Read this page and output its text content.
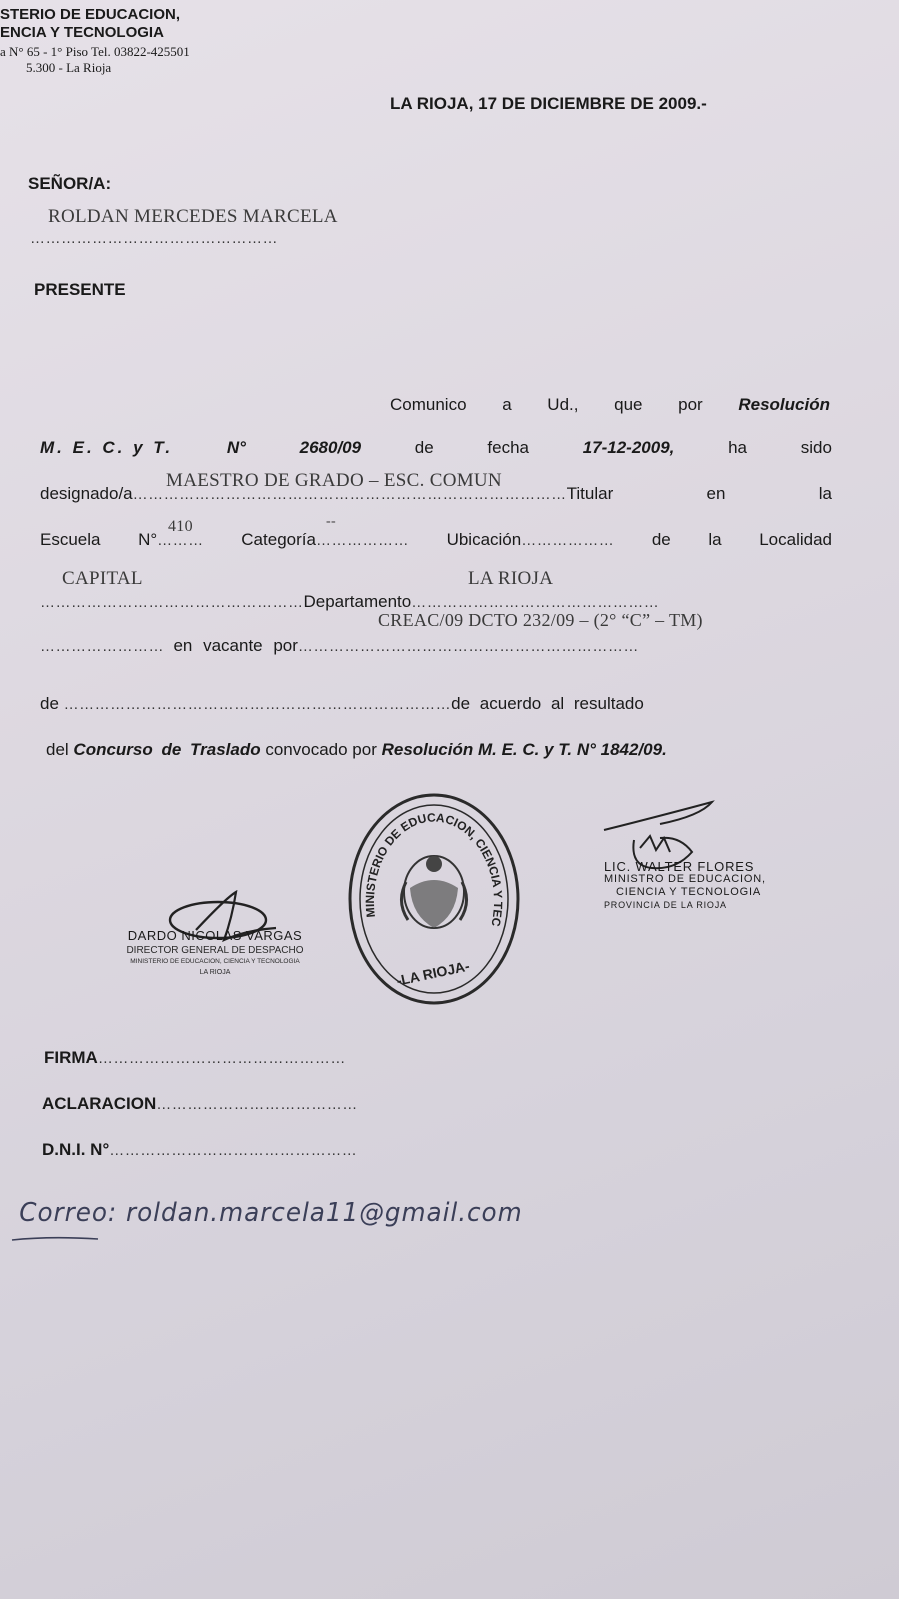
STERIO DE EDUCACION,
ENCIA Y TECNOLOGIA
a N° 65 - 1° Piso Tel. 03822-425501
5.300 - La Rioja
LA RIOJA, 17 DE DICIEMBRE DE 2009.-
SEÑOR/A:
ROLDAN MERCEDES MARCELA
…………………………………………
PRESENTE
Comunico a Ud., que por Resolución
M. E. C. y T.	N°	2680/09	de	fecha	17-12-2009,	ha	sido
MAESTRO DE GRADO – ESC. COMUN
designado/a…………………………………………………………………………Titular	en	la
410	--
Escuela N°……… Categoría……………… Ubicación……………… de la Localidad
CAPITAL	LA RIOJA
…………………………………………… Departamento …………………………………………
CREAC/09 DCTO 232/09 – (2° “C” – TM)
……………………
en vacante por …………………………………………………………
de
………………………………………………………………… de acuerdo al resultado
del Concurso de Traslado convocado por Resolución M. E. C. y T. N° 1842/09.
DARDO NICOLAS VARGAS
DIRECTOR GENERAL DE DESPACHO
MINISTERIO DE EDUCACION, CIENCIA Y TECNOLOGIA
LA RIOJA
MINISTERIO DE EDUCACION, CIENCIA Y TEC
-LA RIOJA-
LIC. WALTER FLORES
MINISTRO DE EDUCACION,
CIENCIA Y TECNOLOGIA
PROVINCIA DE LA RIOJA
FIRMA…………………………………………
ACLARACION…………………………………
D.N.I. N°…………………………………………
Correo: roldan.marcela11@gmail.com
